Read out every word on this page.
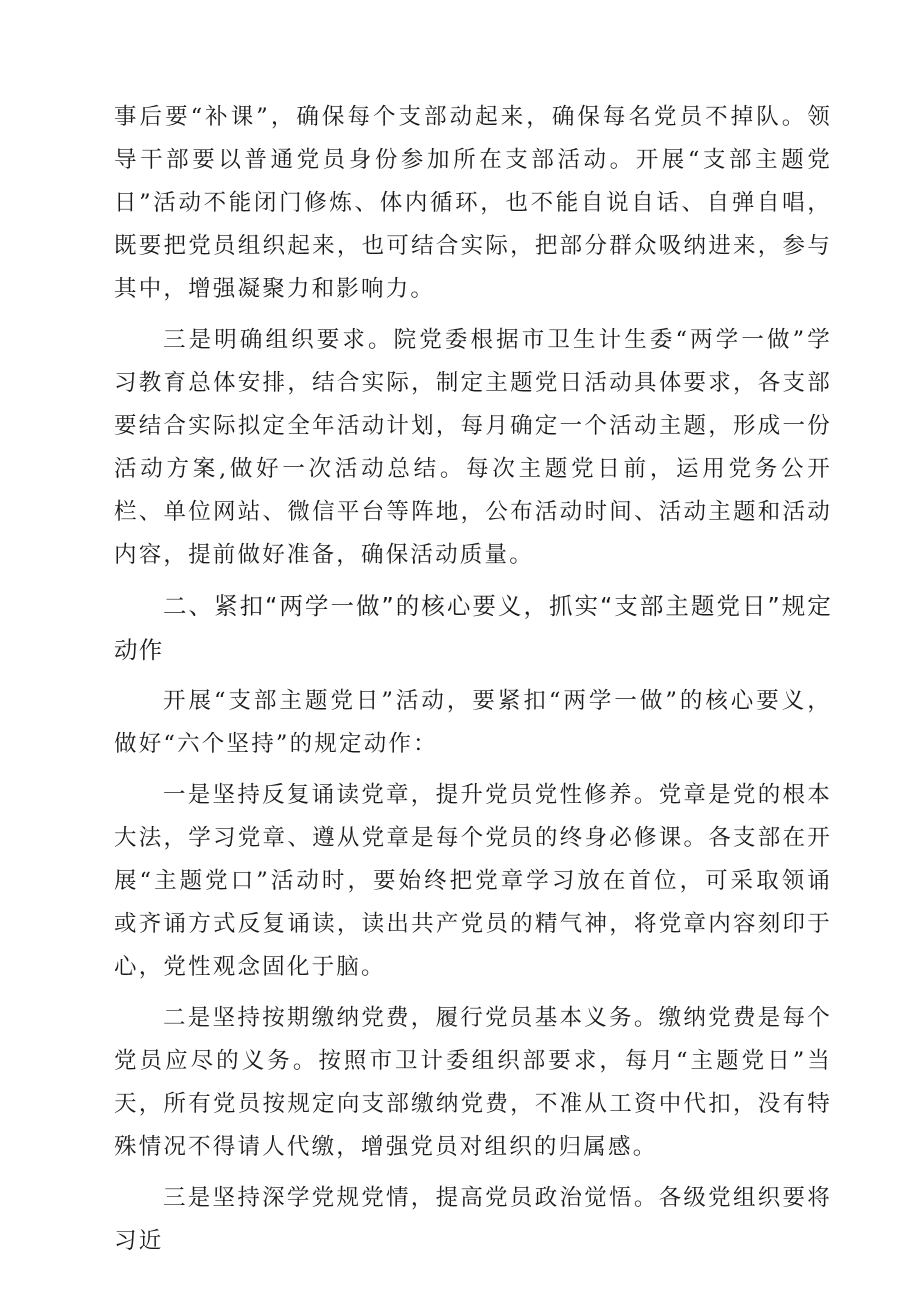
事后要“补课”，确保每个支部动起来，确保每名党员不掉队。领导干部要以普通党员身份参加所在支部活动。开展“支部主题党日”活动不能闭门修炼、体内循环，也不能自说自话、自弹自唱，既要把党员组织起来，也可结合实际，把部分群众吸纳进来，参与其中，增强凝聚力和影响力。

三是明确组织要求。院党委根据市卫生计生委“两学一做”学习教育总体安排，结合实际，制定主题党日活动具体要求，各支部要结合实际拟定全年活动计划，每月确定一个活动主题，形成一份活动方案,做好一次活动总结。每次主题党日前，运用党务公开栏、单位网站、微信平台等阵地，公布活动时间、活动主题和活动内容，提前做好准备，确保活动质量。

二、紧扣“两学一做”的核心要义，抓实“支部主题党日”规定动作

开展“支部主题党日”活动，要紧扣“两学一做”的核心要义，做好“六个坚持”的规定动作：

一是坚持反复诵读党章，提升党员党性修养。党章是党的根本大法，学习党章、遵从党章是每个党员的终身必修课。各支部在开展“主题党口”活动时，要始终把党章学习放在首位，可采取领诵或齐诵方式反复诵读，读出共产党员的精气神，将党章内容刻印于心，党性观念固化于脑。

二是坚持按期缴纳党费，履行党员基本义务。缴纳党费是每个党员应尽的义务。按照市卫计委组织部要求，每月“主题党日”当天，所有党员按规定向支部缴纳党费，不准从工资中代扣，没有特殊情况不得请人代缴，增强党员对组织的归属感。

三是坚持深学党规党情，提高党员政治觉悟。各级党组织要将习近
